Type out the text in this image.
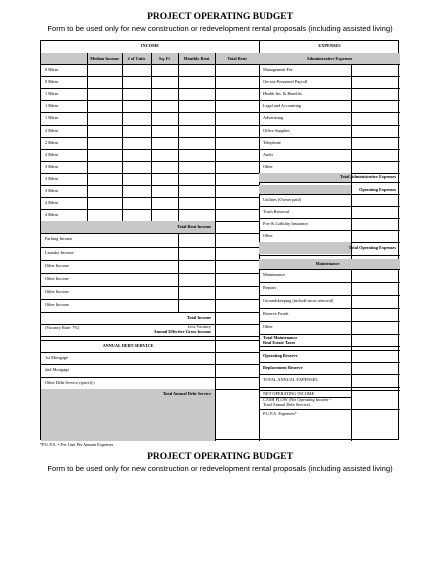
PROJECT OPERATING BUDGET
Form to be used only for new construction or redevelopment rental proposals (including assisted living)
INCOME	EXPENSES
Median Income	# of Units	Sq. Ft	Monthly Rent	Total Rent
0 Bdrm
0 Bdrm
1 Bdrm
1 Bdrm
1 Bdrm
2 Bdrm
2 Bdrm
2 Bdrm
3 Bdrm
3 Bdrm
3 Bdrm
4 Bdrm
4 Bdrm
Total Rent Income
Parking Income
Laundry Income
Other Income
Other Income
Other Income
Other Income
Total Income
(Vacancy Rate: 7%)	Less Vacancy
Annual Effective Gross Income
ANNUAL DEBT SERVICE
1st Mortgage
2nd Mortgage
Other Debt Service (specify)
Total Annual Debt Service
Administrative Expenses
Management Fee
On-site Personnel Payroll
Health Ins. & Benefits
Legal and Accounting
Advertising
Office Supplies
Telephone
Audit
Other
Total Administrative Expenses
Operating Expenses
Utilities (Owner paid)
Trash Removal
Fire & Liability Insurance
Other
Total Operating Expenses
Maintenance
Maintenance
Repairs
Groundskeeping (include snow removal)
Reserve Funds
Other
Total Maintenance
Real Estate Taxes
Operating Reserve
Replacement Reserve
TOTAL ANNUAL EXPENSES
NET OPERATING INCOME
CASH FLOW (Net Operating Income -
Total Annual Debt Service)
P.U.P.A. Expenses*
*P.U.P.A. = Per Unit Per Annum Expenses
PROJECT OPERATING BUDGET
Form to be used only for new construction or redevelopment rental proposals (including assisted living)
